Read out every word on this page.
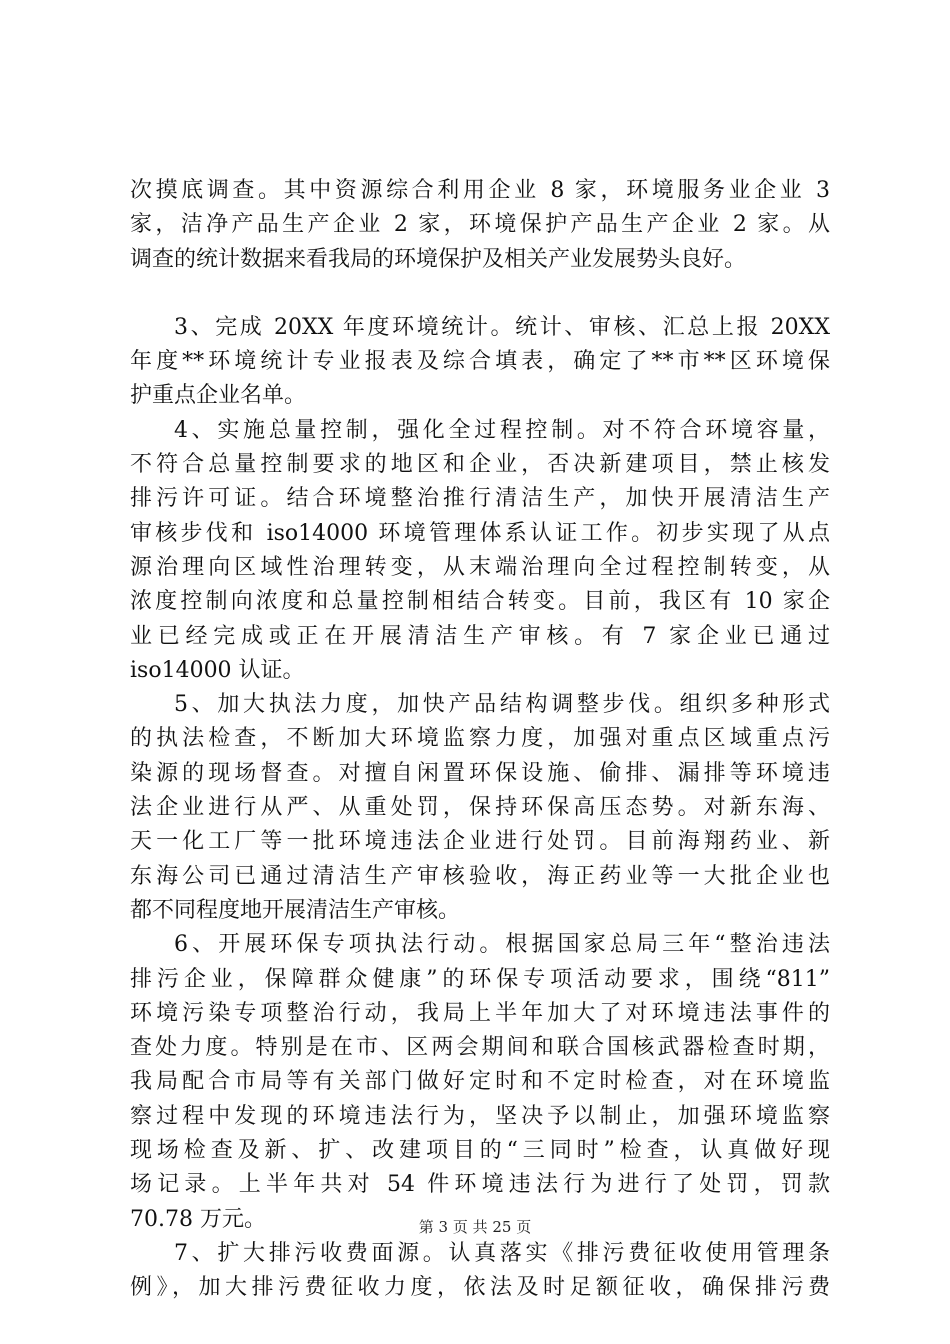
次摸底调查。其中资源综合利用企业 8 家，环境服务业企业 3
家，洁净产品生产企业 2 家，环境保护产品生产企业 2 家。从
调查的统计数据来看我局的环境保护及相关产业发展势头良好。
3、完成 20XX 年度环境统计。统计、审核、汇总上报 20XX
年度**环境统计专业报表及综合填表，确定了**市**区环境保
护重点企业名单。
4、实施总量控制，强化全过程控制。对不符合环境容量，
不符合总量控制要求的地区和企业，否决新建项目，禁止核发
排污许可证。结合环境整治推行清洁生产，加快开展清洁生产
审核步伐和 iso14000 环境管理体系认证工作。初步实现了从点
源治理向区域性治理转变，从末端治理向全过程控制转变，从
浓度控制向浓度和总量控制相结合转变。目前，我区有 10 家企
业已经完成或正在开展清洁生产审核。有 7 家企业已通过
iso14000 认证。
5、加大执法力度，加快产品结构调整步伐。组织多种形式
的执法检查，不断加大环境监察力度，加强对重点区域重点污
染源的现场督查。对擅自闲置环保设施、偷排、漏排等环境违
法企业进行从严、从重处罚，保持环保高压态势。对新东海、
天一化工厂等一批环境违法企业进行处罚。目前海翔药业、新
东海公司已通过清洁生产审核验收，海正药业等一大批企业也
都不同程度地开展清洁生产审核。
6、开展环保专项执法行动。根据国家总局三年“整治违法
排污企业，保障群众健康”的环保专项活动要求，围绕“811”
环境污染专项整治行动，我局上半年加大了对环境违法事件的
查处力度。特别是在市、区两会期间和联合国核武器检查时期，
我局配合市局等有关部门做好定时和不定时检查，对在环境监
察过程中发现的环境违法行为，坚决予以制止，加强环境监察
现场检查及新、扩、改建项目的“三同时”检查，认真做好现
场记录。上半年共对 54 件环境违法行为进行了处罚，罚款
70.78 万元。
7、扩大排污收费面源。认真落实《排污费征收使用管理条
例》，加大排污费征收力度，依法及时足额征收，确保排污费
第 3 页 共 25 页
